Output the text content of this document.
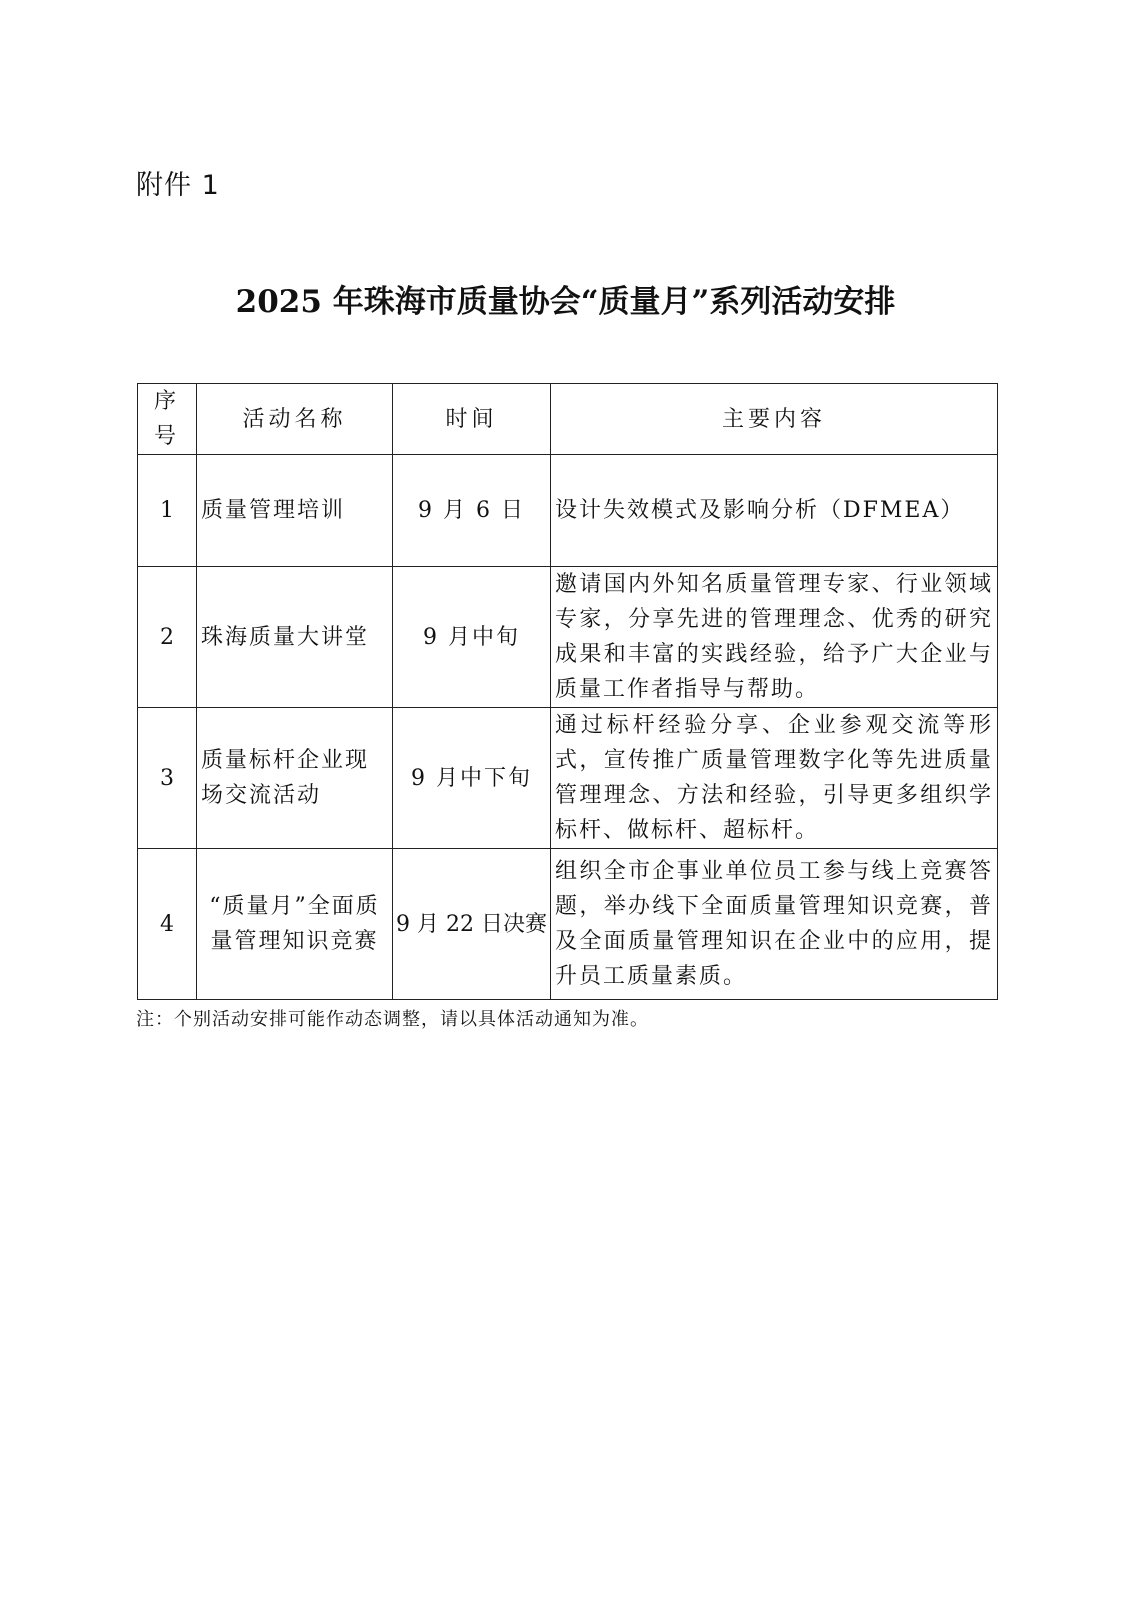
附件 1
2025 年珠海市质量协会“质量月”系列活动安排
序号	活动名称	时间	主要内容
1	质量管理培训	9 月 6 日	设计失效模式及影响分析（DFMEA）
2	珠海质量大讲堂	9 月中旬	邀请国内外知名质量管理专家、行业领域专家，分享先进的管理理念、优秀的研究成果和丰富的实践经验，给予广大企业与质量工作者指导与帮助。
3	质量标杆企业现场交流活动	9 月中下旬	通过标杆经验分享、企业参观交流等形式，宣传推广质量管理数字化等先进质量管理理念、方法和经验，引导更多组织学标杆、做标杆、超标杆。
4	“质量月”全面质量管理知识竞赛	9 月 22 日决赛	组织全市企事业单位员工参与线上竞赛答题，举办线下全面质量管理知识竞赛，普及全面质量管理知识在企业中的应用，提升员工质量素质。
注：个别活动安排可能作动态调整，请以具体活动通知为准。
